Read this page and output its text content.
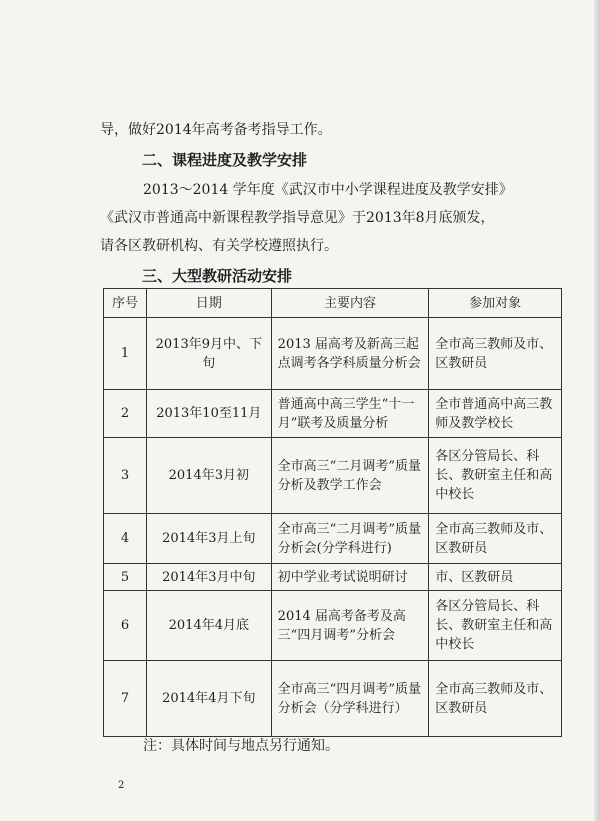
导，做好2014年高考备考指导工作。
二、课程进度及教学安排
2013～2014 学年度《武汉市中小学课程进度及教学安排》
《武汉市普通高中新课程教学指导意见》于2013年8月底颁发，
请各区教研机构、有关学校遵照执行。
三、大型教研活动安排
序号	日期	主要内容	参加对象
1	2013年9月中、下旬	2013 届高考及新高三起点调考各学科质量分析会	全市高三教师及市、区教研员
2	2013年10至11月	普通高中高三学生“十一月”联考及质量分析	全市普通高中高三教师及教学校长
3	2014年3月初	全市高三“二月调考”质量分析及教学工作会	各区分管局长、科长、教研室主任和高中校长
4	2014年3月上旬	全市高三“二月调考”质量分析会(分学科进行)	全市高三教师及市、区教研员
5	2014年3月中旬	初中学业考试说明研讨	市、区教研员
6	2014年4月底	2014 届高考备考及高三“四月调考”分析会	各区分管局长、科长、教研室主任和高中校长
7	2014年4月下旬	全市高三“四月调考”质量分析会（分学科进行）	全市高三教师及市、区教研员
注：具体时间与地点另行通知。
2
